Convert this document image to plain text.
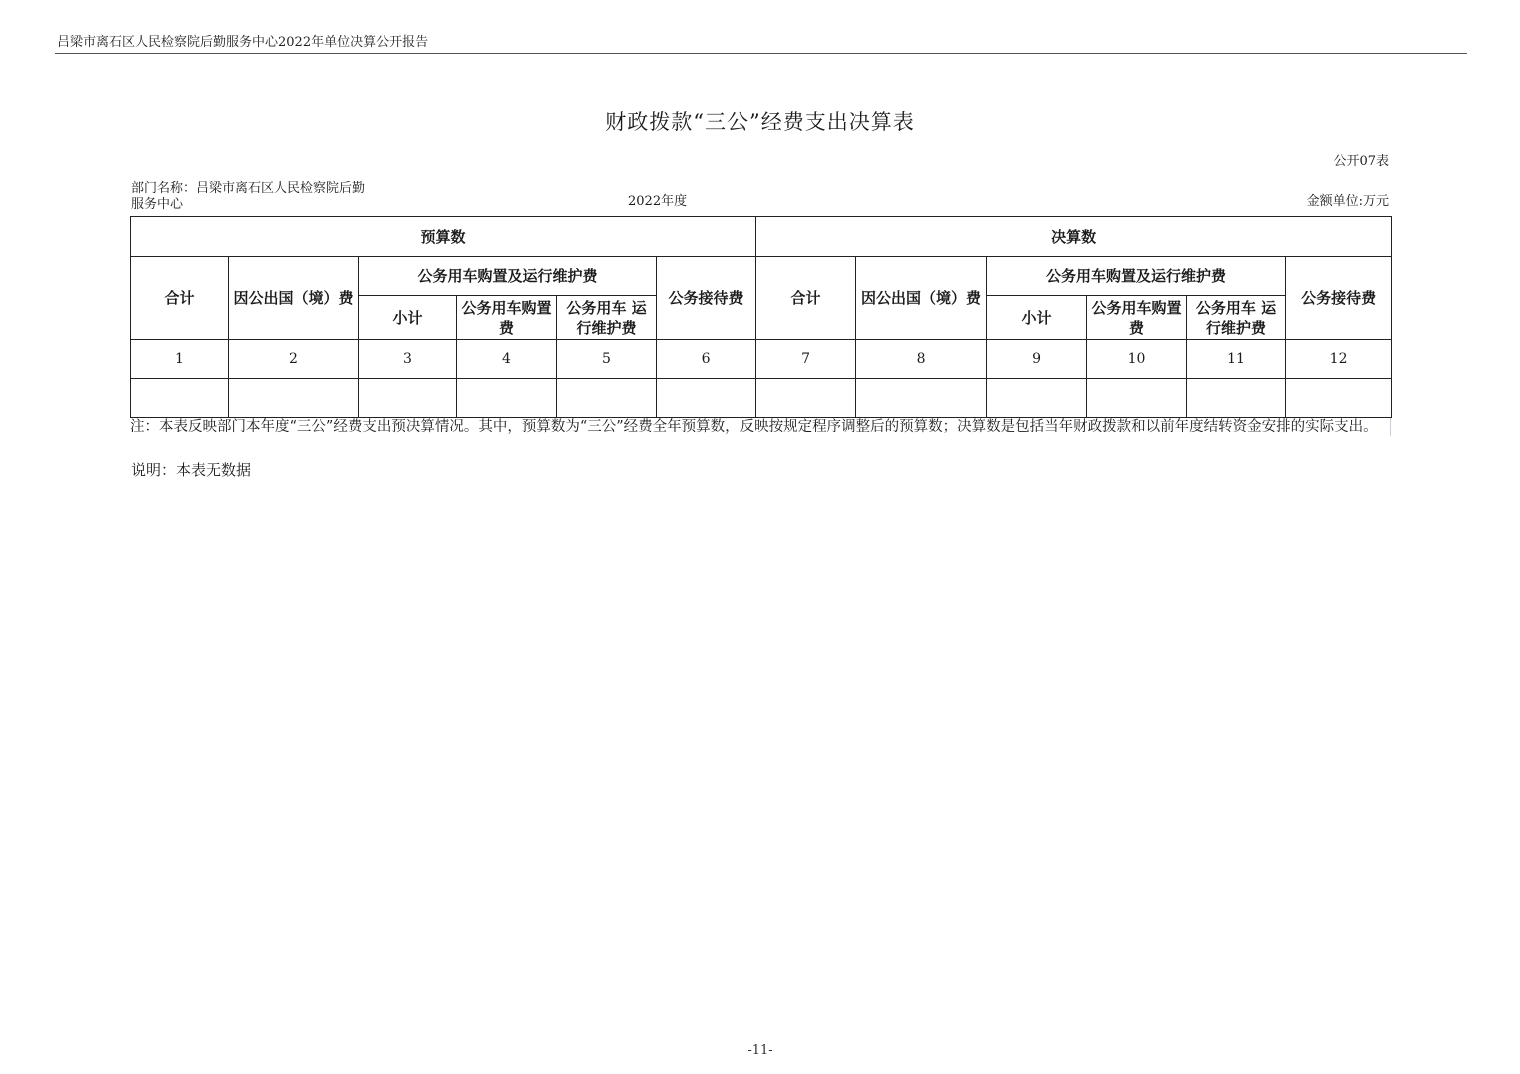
吕梁市离石区人民检察院后勤服务中心2022年单位决算公开报告
财政拨款“三公”经费支出决算表
公开07表
部门名称：吕梁市离石区人民检察院后勤服务中心	2022年度	金额单位:万元
预算数						决算数					
合计	因公出国（境）费	公务用车购置及运行维护费			公务接待费	合计	因公出国（境）费	公务用车购置及运行维护费			公务接待费
		小计	公务用车购置费	公务用车 运行维护费				小计	公务用车购置费	公务用车 运行维护费	
1	2	3	4	5	6	7	8	9	10	11	12

注：本表反映部门本年度“三公”经费支出预决算情况。其中，预算数为“三公”经费全年预算数，反映按规定程序调整后的预算数；决算数是包括当年财政拨款和以前年度结转资金安排的实际支出。
说明：本表无数据
-11-
